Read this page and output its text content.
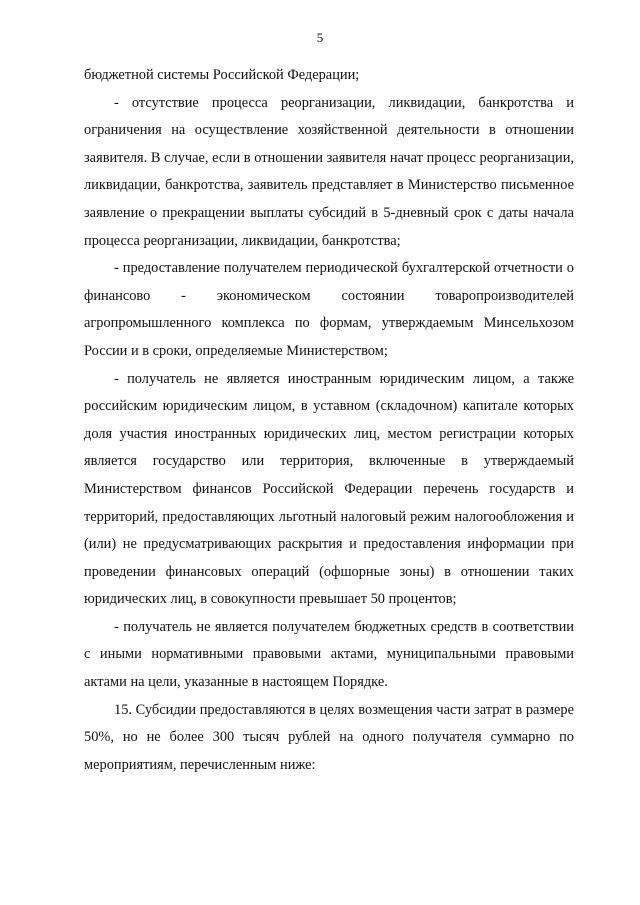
5

бюджетной системы Российской Федерации;

- отсутствие процесса реорганизации, ликвидации, банкротства и ограничения на осуществление хозяйственной деятельности в отношении заявителя. В случае, если в отношении заявителя начат процесс реорганизации, ликвидации, банкротства, заявитель представляет в Министерство письменное заявление о прекращении выплаты субсидий в 5-дневный срок с даты начала процесса реорганизации, ликвидации, банкротства;

- предоставление получателем периодической бухгалтерской отчетности о финансово - экономическом состоянии товаропроизводителей агропромышленного комплекса по формам, утверждаемым Минсельхозом России и в сроки, определяемые Министерством;

- получатель не является иностранным юридическим лицом, а также российским юридическим лицом, в уставном (складочном) капитале которых доля участия иностранных юридических лиц, местом регистрации которых является государство или территория, включенные в утверждаемый Министерством финансов Российской Федерации перечень государств и территорий, предоставляющих льготный налоговый режим налогообложения и (или) не предусматривающих раскрытия и предоставления информации при проведении финансовых операций (офшорные зоны) в отношении таких юридических лиц, в совокупности превышает 50 процентов;

- получатель не является получателем бюджетных средств в соответствии с иными нормативными правовыми актами, муниципальными правовыми актами на цели, указанные в настоящем Порядке.

15. Субсидии предоставляются в целях возмещения части затрат в размере 50%, но не более 300 тысяч рублей на одного получателя суммарно по мероприятиям, перечисленным ниже:
